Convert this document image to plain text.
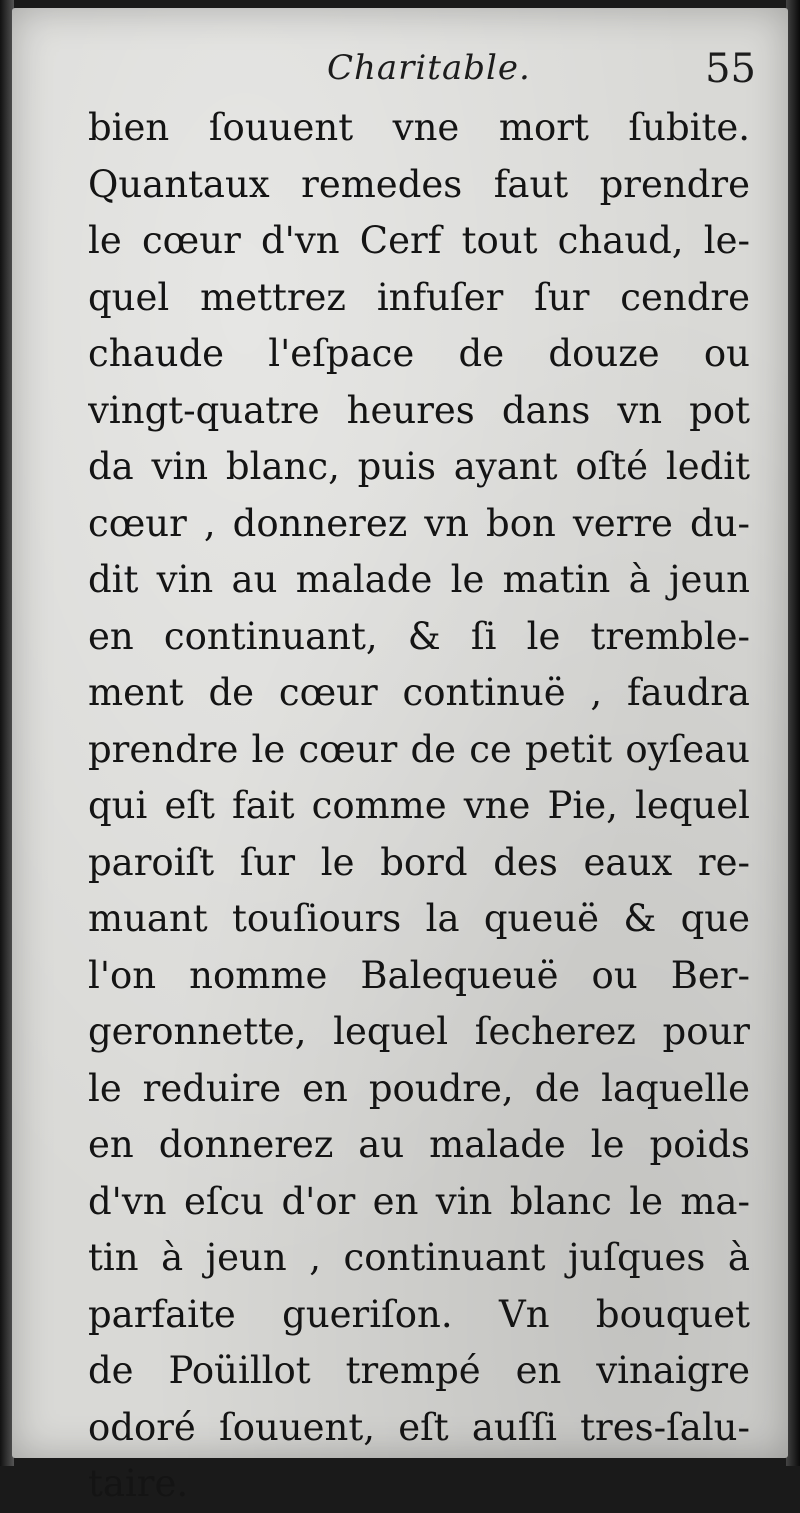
Charitable.	55
bien ſouuent vne mort ſubite.
Quantaux remedes faut prendre
le cœur d'vn Cerf tout chaud, le-
quel mettrez infuſer ſur cendre
chaude l'eſpace de douze ou
vingt-quatre heures dans vn pot
da vin blanc, puis ayant oſté ledit
cœur , donnerez vn bon verre du-
dit vin au malade le matin à jeun
en continuant, & ſi le tremble-
ment de cœur continuë , faudra
prendre le cœur de ce petit oyſeau
qui eſt fait comme vne Pie, lequel
paroiſt ſur le bord des eaux re-
muant touſiours la queuë & que
l'on nomme Balequeuë ou Ber-
geronnette, lequel ſecherez pour
le reduire en poudre, de laquelle
en donnerez au malade le poids
d'vn eſcu d'or en vin blanc le ma-
tin à jeun , continuant juſques à
parfaite gueriſon. Vn bouquet
de Poüillot trempé en vinaigre
odoré ſouuent, eſt auſſi tres-ſalu-
taire.
